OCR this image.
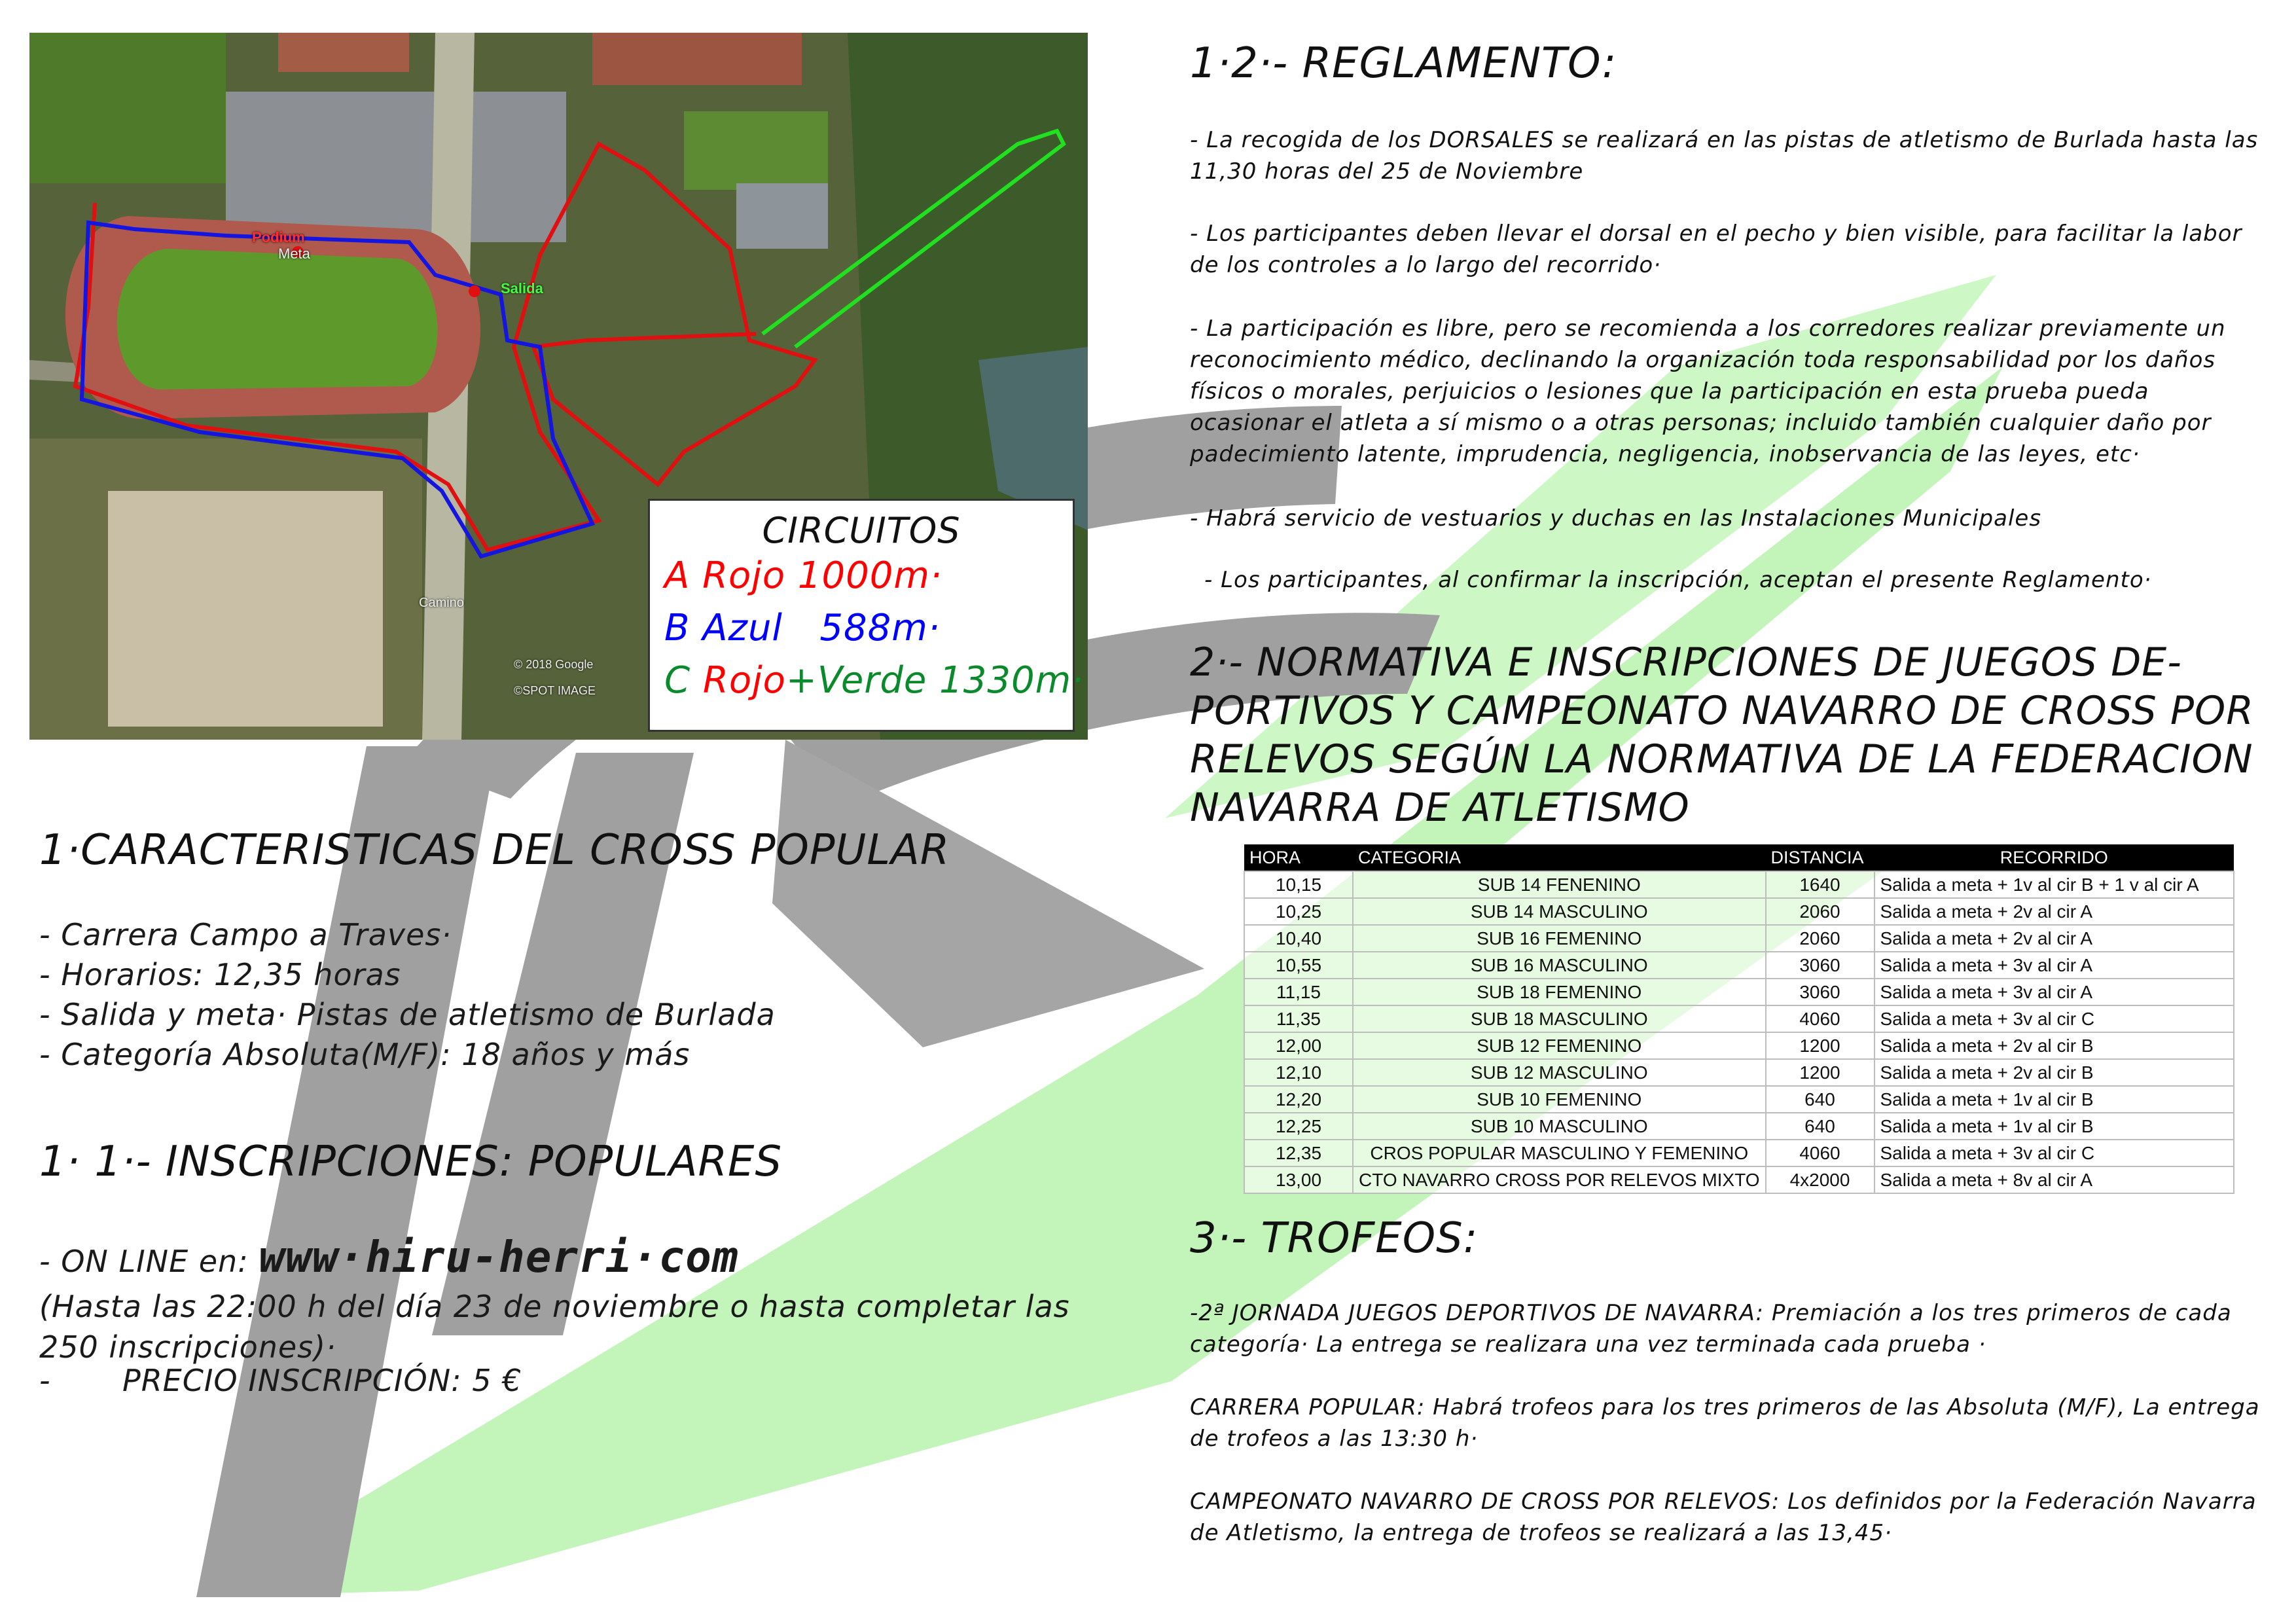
Podium
Meta
Salida
Camino
© 2018 Google
©SPOT IMAGE
CIRCUITOS
A Rojo 1000m·
B Azul   588m·
C Rojo+Verde 1330m·
1·2·- REGLAMENTO:
- La recogida de los DORSALES se realizará en las pistas de atletismo de Burlada hasta las 11,30 horas del 25 de Noviembre
- Los participantes deben llevar el dorsal en el pecho y bien visible, para facilitar la labor de los controles a lo largo del recorrido·
- La participación es libre, pero se recomienda a los corredores realizar previamente un reconocimiento médico, declinando la organización toda responsabilidad por los daños físicos o morales, perjuicios o lesiones que la participación en esta prueba pueda ocasionar el atleta a sí mismo o a otras personas; incluido también cualquier daño por padecimiento latente, imprudencia, negligencia, inobservancia de las leyes, etc·
- Habrá servicio de vestuarios y duchas en las Instalaciones Municipales
- Los participantes, al confirmar la inscripción, aceptan el presente Reglamento·
2·- NORMATIVA E INSCRIPCIONES DE JUEGOS DE- PORTIVOS Y CAMPEONATO NAVARRO DE CROSS POR RELEVOS SEGÚN LA NORMATIVA DE LA FEDERACION NAVARRA DE ATLETISMO
HORA	CATEGORIA	DISTANCIA	RECORRIDO
10,15	SUB 14 FENENINO	1640	Salida a meta + 1v al cir B + 1 v al cir A
10,25	SUB 14 MASCULINO	2060	Salida a meta + 2v al cir A
10,40	SUB 16 FEMENINO	2060	Salida a meta + 2v al cir A
10,55	SUB 16 MASCULINO	3060	Salida a meta + 3v al cir A
11,15	SUB 18 FEMENINO	3060	Salida a meta + 3v al cir A
11,35	SUB 18 MASCULINO	4060	Salida a meta + 3v al cir C
12,00	SUB 12 FEMENINO	1200	Salida a meta + 2v al cir B
12,10	SUB 12 MASCULINO	1200	Salida a meta + 2v al cir B
12,20	SUB 10 FEMENINO	640	Salida a meta + 1v al cir B
12,25	SUB 10 MASCULINO	640	Salida a meta + 1v al cir B
12,35	CROS POPULAR MASCULINO Y FEMENINO	4060	Salida a meta + 3v al cir C
13,00	CTO NAVARRO CROSS POR RELEVOS MIXTO	4x2000	Salida a meta + 8v al cir A
3·- TROFEOS:
-2ª JORNADA JUEGOS DEPORTIVOS DE NAVARRA: Premiación a los tres primeros de cada categoría· La entrega se realizara una vez terminada cada prueba ·
CARRERA POPULAR: Habrá trofeos para los tres primeros de las Absoluta (M/F), La entrega de trofeos a las 13:30 h·
CAMPEONATO NAVARRO DE CROSS POR RELEVOS: Los definidos por la Federación Navarra de Atletismo, la entrega de trofeos se realizará a las 13,45·
1·CARACTERISTICAS DEL CROSS POPULAR
- Carrera Campo a Traves·
- Horarios: 12,35 horas
- Salida y meta· Pistas de atletismo de Burlada
- Categoría Absoluta(M/F): 18 años y más
1· 1·- INSCRIPCIONES: POPULARES
- ON LINE en: www·hiru-herri·com
(Hasta las 22:00 h del día 23 de noviembre o hasta completar las 250 inscripciones)·
-       PRECIO INSCRIPCIÓN: 5 €
